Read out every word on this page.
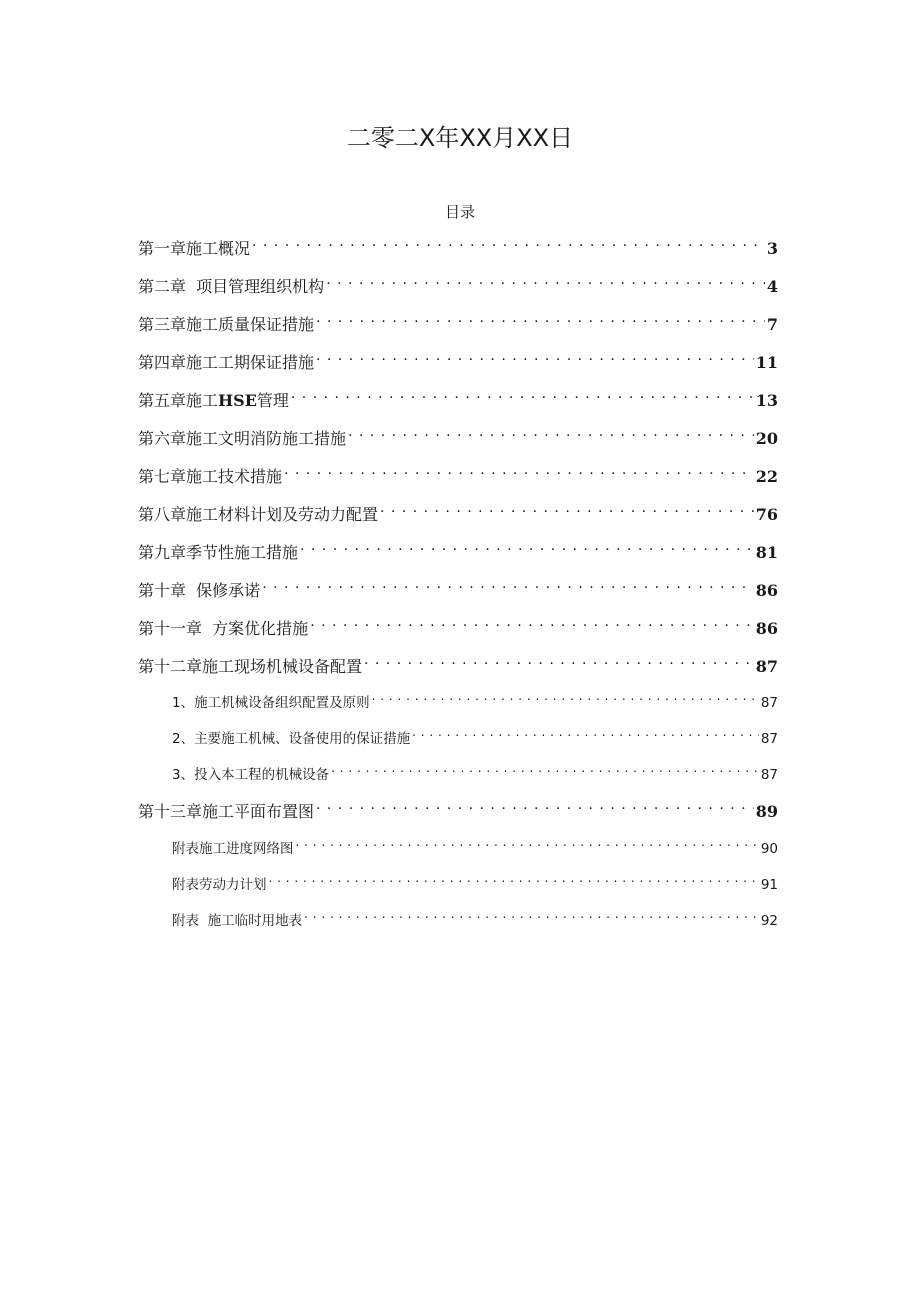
二零二X年XX月XX日
目录
第一章施工概况 . . .	3
第二章  项目管理组织机构 . . .	4
第三章施工质量保证措施 . . .	7
第四章施工工期保证措施 . . .	11
第五章施工HSE管理 . . .	13
第六章施工文明消防施工措施 . . .	20
第七章施工技术措施 . . .	22
第八章施工材料计划及劳动力配置 . . .	76
第九章季节性施工措施 . . .	81
第十章  保修承诺 . . .	86
第十一章  方案优化措施 . . .	86
第十二章施工现场机械设备配置 . . .	87
1、施工机械设备组织配置及原则 . . .	87
2、主要施工机械、设备使用的保证措施 . . .	87
3、投入本工程的机械设备 . . .	87
第十三章施工平面布置图 . . .	89
附表施工进度网络图 . . .	90
附表劳动力计划 . . .	91
附表  施工临时用地表 . . .	92
